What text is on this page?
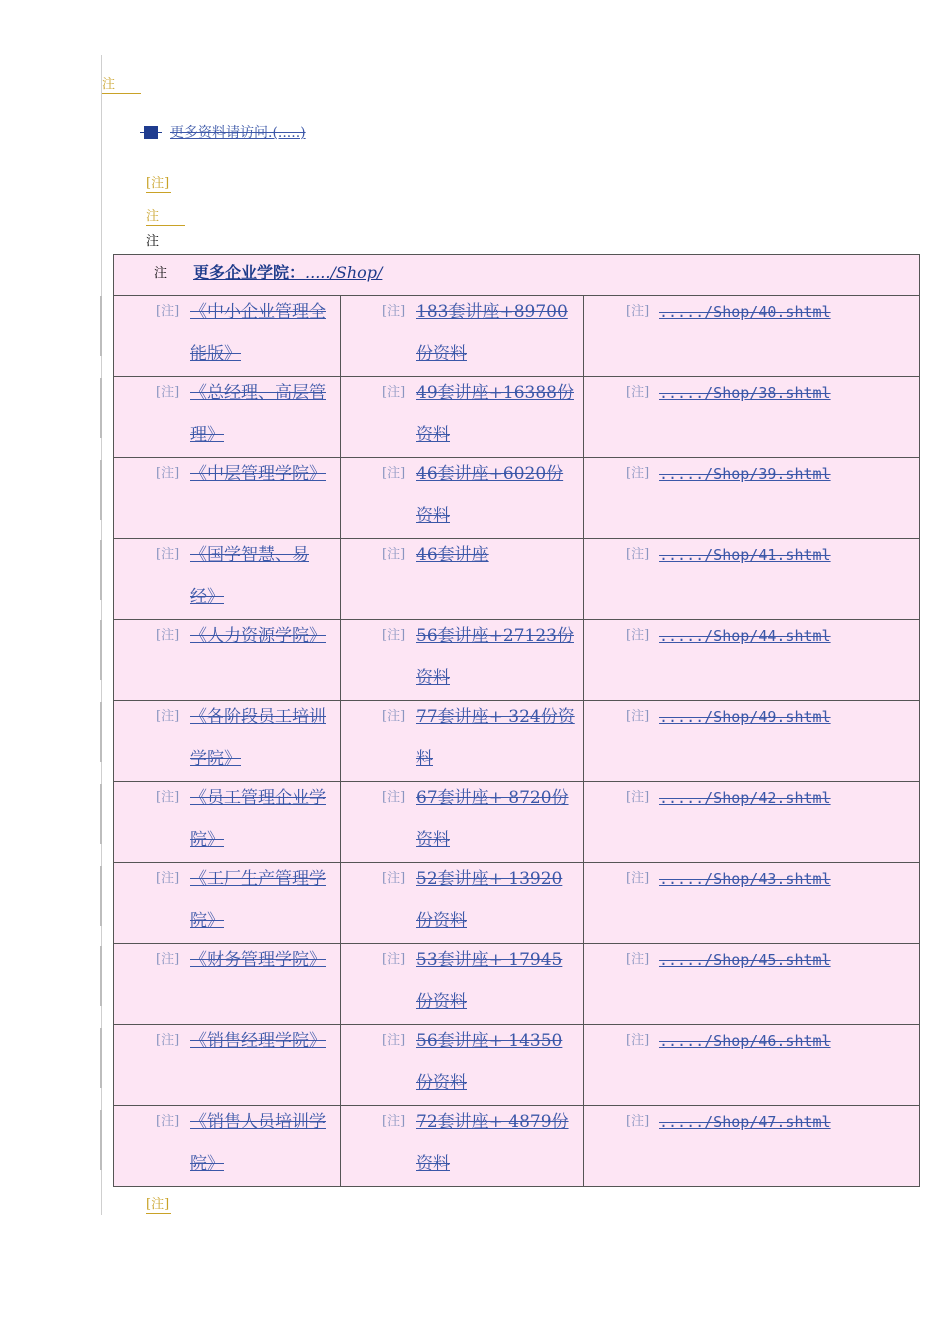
注
更多资料请访问.(.....)
[注]
注
注
注 更多企业学院：...../Shop/		

[注] 《中小企业管理全能版》	[注] 183套讲座+89700份资料	[注] ...../Shop/40.shtml

[注] 《总经理、高层管理》	[注] 49套讲座+16388份资料	[注] ...../Shop/38.shtml

[注] 《中层管理学院》	[注] 46套讲座+6020份资料	[注] ...../Shop/39.shtml

[注] 《国学智慧、易经》	[注] 46套讲座	[注] ...../Shop/41.shtml

[注] 《人力资源学院》	[注] 56套讲座+27123份资料	[注] ...../Shop/44.shtml

[注] 《各阶段员工培训学院》	[注] 77套讲座+ 324份资料	[注] ...../Shop/49.shtml

[注] 《员工管理企业学院》	[注] 67套讲座+ 8720份资料	[注] ...../Shop/42.shtml

[注] 《工厂生产管理学院》	[注] 52套讲座+ 13920份资料	[注] ...../Shop/43.shtml

[注] 《财务管理学院》	[注] 53套讲座+ 17945份资料	[注] ...../Shop/45.shtml

[注] 《销售经理学院》	[注] 56套讲座+ 14350份资料	[注] ...../Shop/46.shtml

[注] 《销售人员培训学院》	[注] 72套讲座+ 4879份资料	[注] ...../Shop/47.shtml
[注]
